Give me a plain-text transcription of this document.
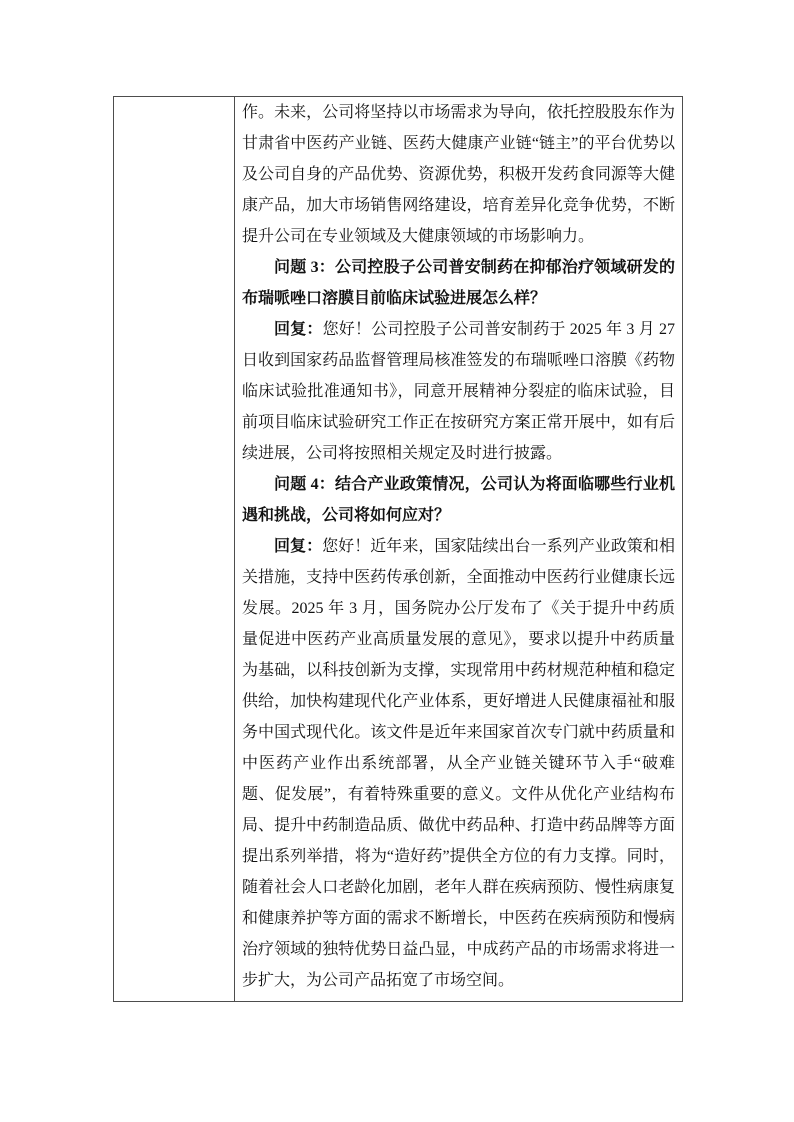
作。未来，公司将坚持以市场需求为导向，依托控股股东作为甘肃省中医药产业链、医药大健康产业链“链主”的平台优势以及公司自身的产品优势、资源优势，积极开发药食同源等大健康产品，加大市场销售网络建设，培育差异化竞争优势，不断提升公司在专业领域及大健康领域的市场影响力。

问题 3：公司控股子公司普安制药在抑郁治疗领域研发的布瑞哌唑口溶膜目前临床试验进展怎么样？

回复：您好！公司控股子公司普安制药于 2025 年 3 月 27 日收到国家药品监督管理局核准签发的布瑞哌唑口溶膜《药物临床试验批准通知书》，同意开展精神分裂症的临床试验，目前项目临床试验研究工作正在按研究方案正常开展中，如有后续进展，公司将按照相关规定及时进行披露。

问题 4：结合产业政策情况，公司认为将面临哪些行业机遇和挑战，公司将如何应对？

回复：您好！近年来，国家陆续出台一系列产业政策和相关措施，支持中医药传承创新，全面推动中医药行业健康长远发展。2025 年 3 月，国务院办公厅发布了《关于提升中药质量促进中医药产业高质量发展的意见》，要求以提升中药质量为基础，以科技创新为支撑，实现常用中药材规范种植和稳定供给，加快构建现代化产业体系，更好增进人民健康福祉和服务中国式现代化。该文件是近年来国家首次专门就中药质量和中医药产业作出系统部署，从全产业链关键环节入手“破难题、促发展”，有着特殊重要的意义。文件从优化产业结构布局、提升中药制造品质、做优中药品种、打造中药品牌等方面提出系列举措，将为“造好药”提供全方位的有力支撑。同时，随着社会人口老龄化加剧，老年人群在疾病预防、慢性病康复和健康养护等方面的需求不断增长，中医药在疾病预防和慢病治疗领域的独特优势日益凸显，中成药产品的市场需求将进一步扩大，为公司产品拓宽了市场空间。
